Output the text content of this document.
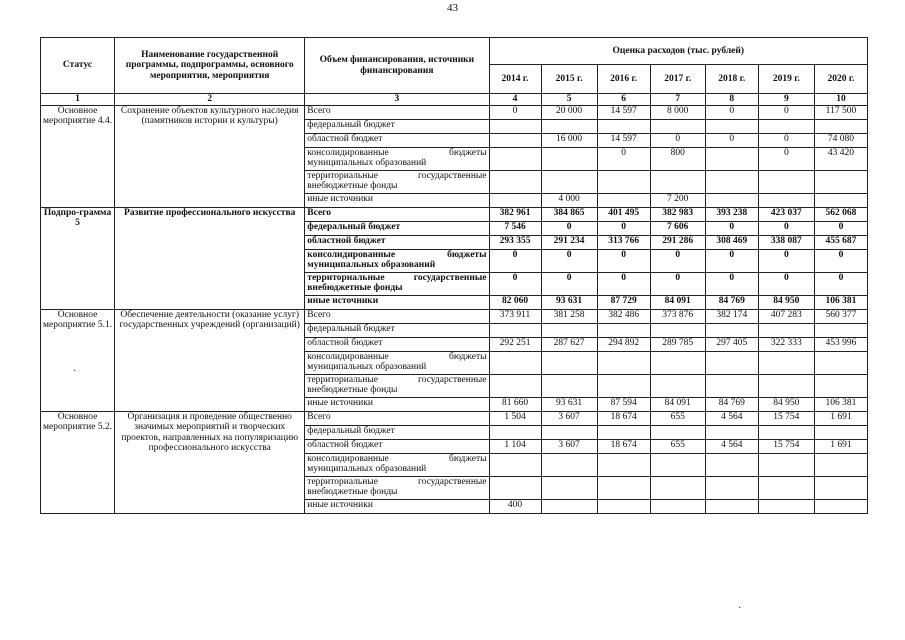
43
Статус	Наименование государственной программы, подпрограммы, основного мероприятия, мероприятия	Объем финансирования, источники финансирования	Оценка расходов (тыс. рублей)						
			2014 г.	2015 г.	2016 г.	2017 г.	2018 г.	2019 г.	2020 г.
1	2	3	4	5	6	7	8	9	10
Основное мероприятие 4.4.	Сохранение объектов культурного наследия (памятников истории и культуры)	Всего	0	20 000	14 597	8 000	0	0	117 500

		федеральный бюджет							

		областной бюджет		16 000	14 597	0	0	0	74 080

		консолидированные бюджеты
муниципальных образований			0	800		0	43 420

		территориальные государственные
внебюджетные фонды							

		иные источники		4 000		7 200			
Подпро-грамма 5	Развитие профессионального искусства	Всего	382 961	384 865	401 495	382 983	393 238	423 037	562 068

		федеральный бюджет	7 546	0	0	7 606	0	0	0

		областной бюджет	293 355	291 234	313 766	291 286	308 469	338 087	455 687

		консолидированные бюджеты
муниципальных образований	0	0	0	0	0	0	0

		территориальные государственные
внебюджетные фонды	0	0	0	0	0	0	0

		иные источники	82 060	93 631	87 729	84 091	84 769	84 950	106 381
Основное мероприятие 5.1.	Обеспечение деятельности (оказание услуг) государственных учреждений (организаций)	Всего	373 911	381 258	382 486	373 876	382 174	407 283	560 377

		федеральный бюджет							

		областной бюджет	292 251	287 627	294 892	289 785	297 405	322 333	453 996

		консолидированные бюджеты
муниципальных образований							

		территориальные государственные
внебюджетные фонды							

		иные источники	81 660	93 631	87 594	84 091	84 769	84 950	106 381
Основное мероприятие 5.2.	Организация и проведение общественно значимых мероприятий и творческих проектов, направленных на популяризацию профессионального искусства	Всего	1 504	3 607	18 674	655	4 564	15 754	1 691

		федеральный бюджет							

		областной бюджет	1 104	3 607	18 674	655	4 564	15 754	1 691

		консолидированные бюджеты
муниципальных образований							

		территориальные государственные
внебюджетные фонды							

		иные источники	400						
·
·
